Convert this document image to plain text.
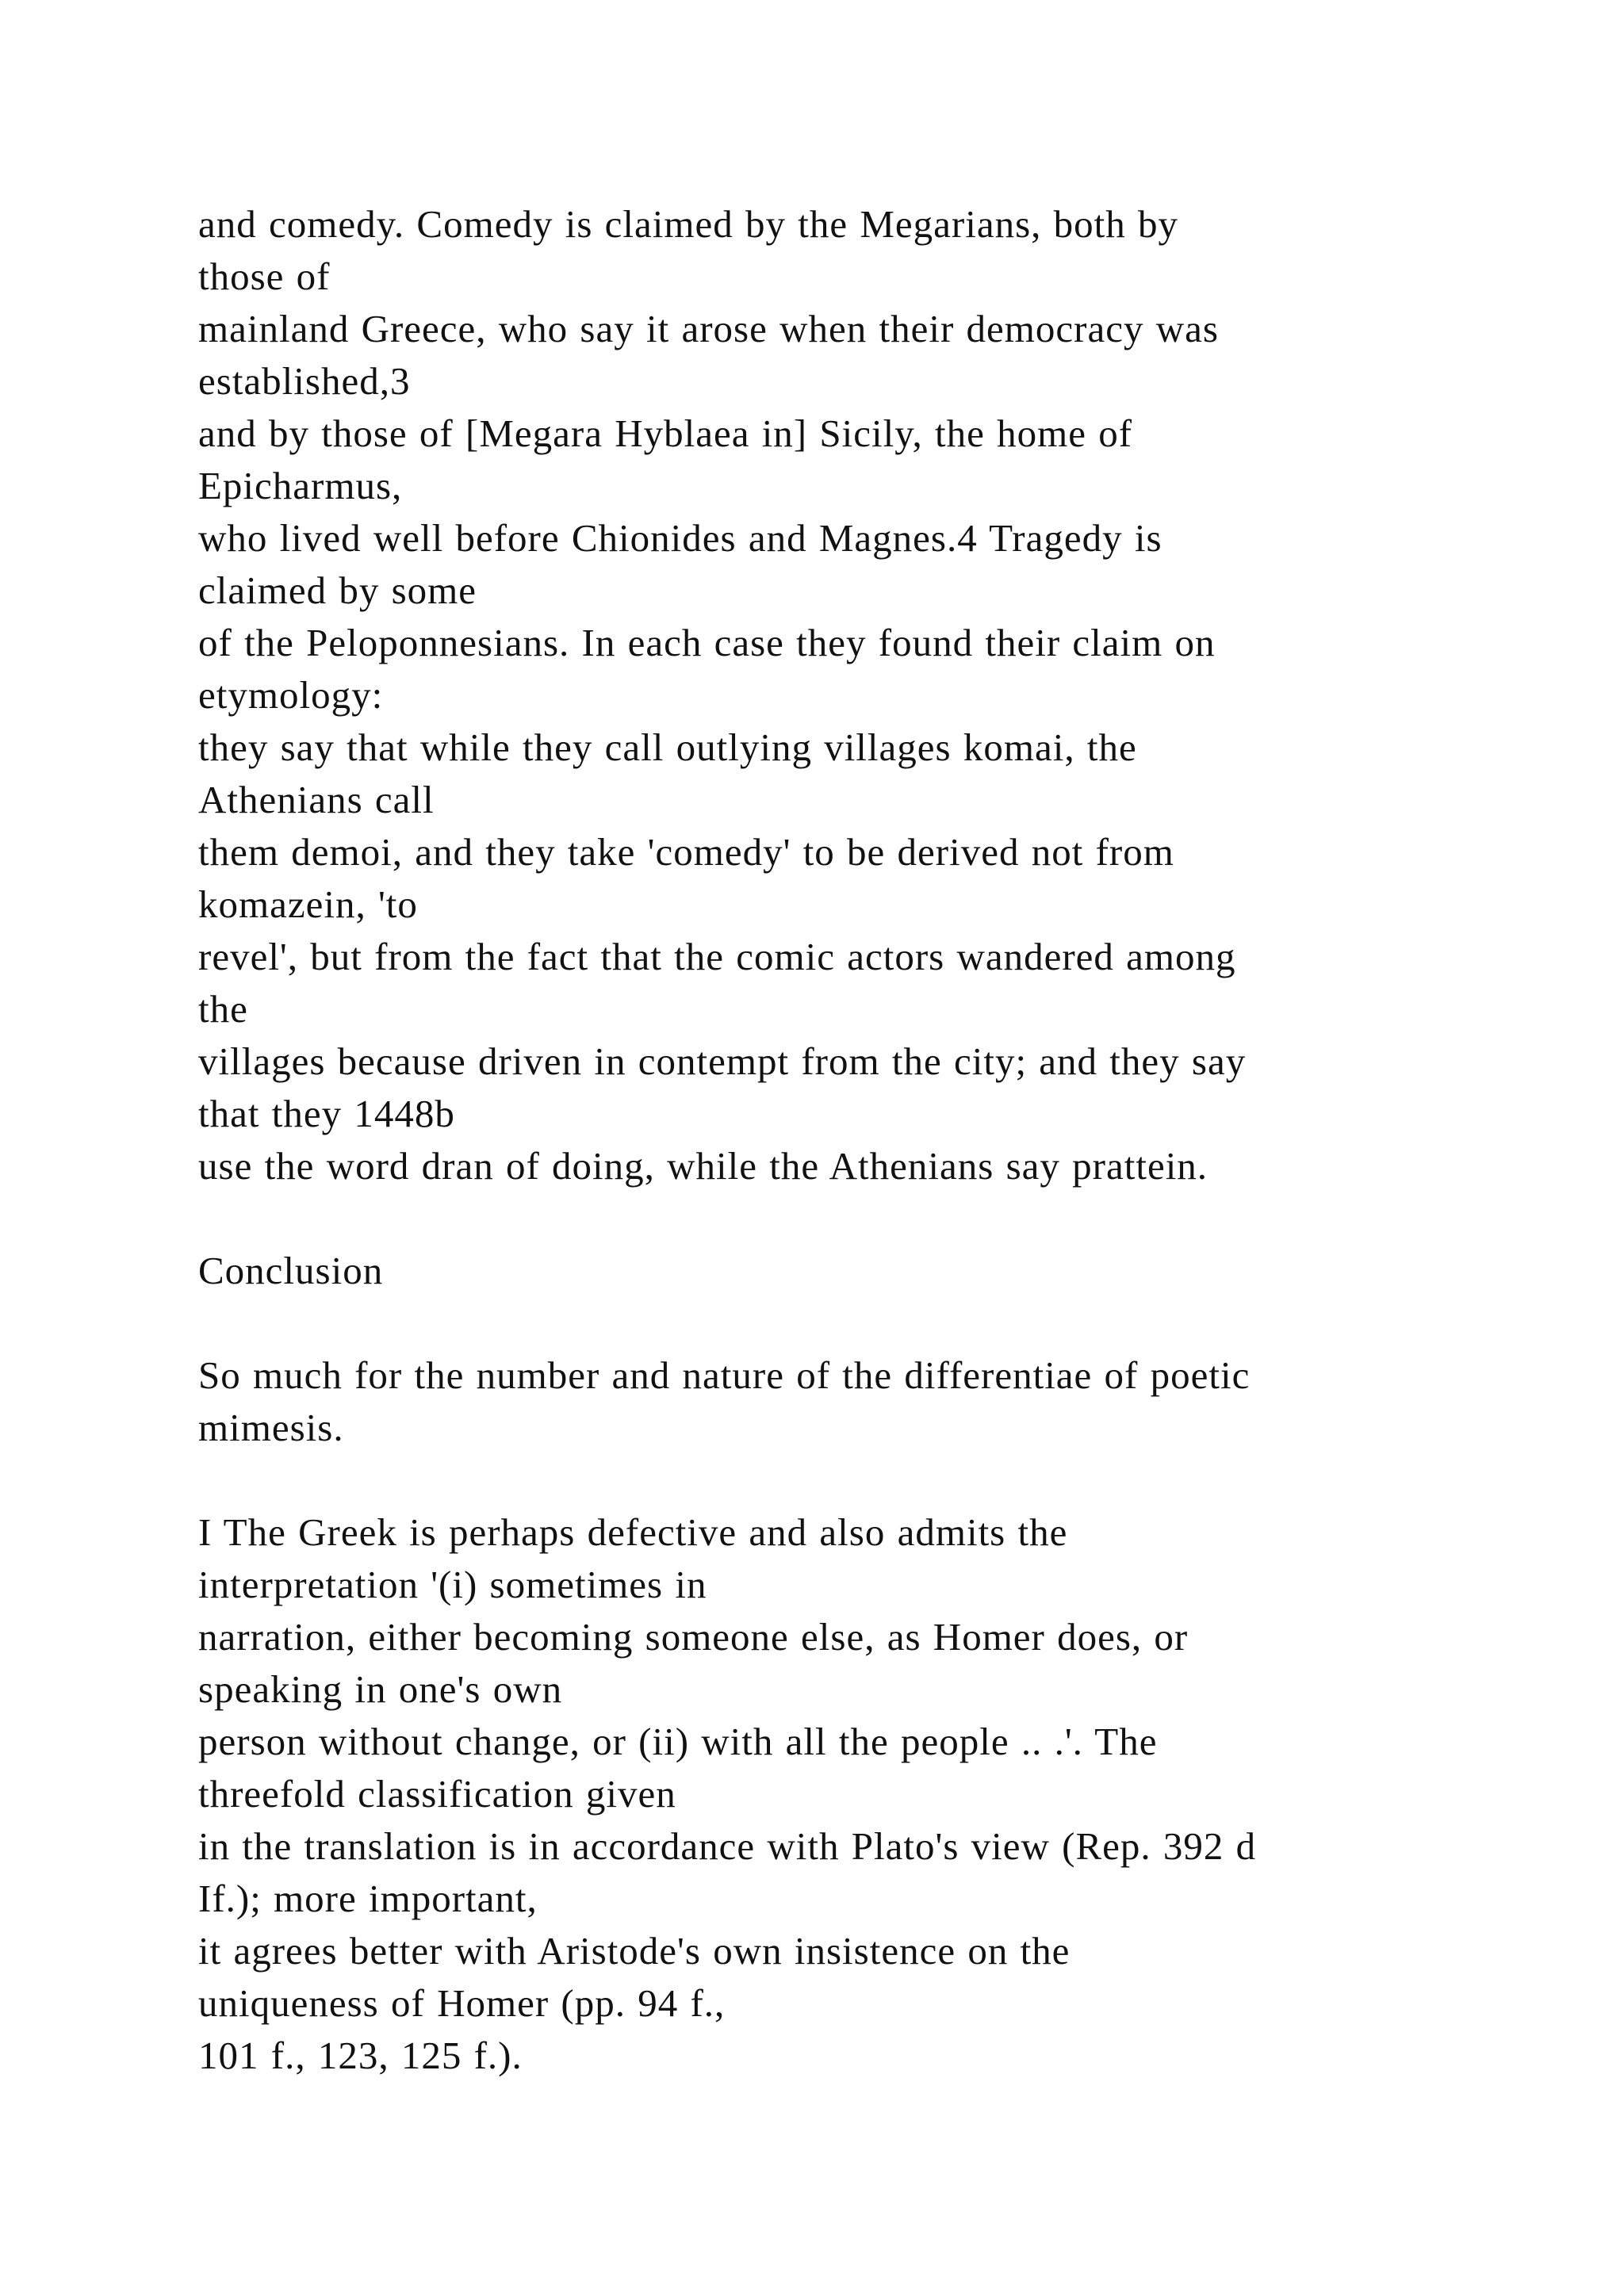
and comedy. Comedy is claimed by the Megarians, both by
those of
mainland Greece, who say it arose when their democracy was
established,3
and by those of [Megara Hyblaea in] Sicily, the home of
Epicharmus,
who lived well before Chionides and Magnes.4 Tragedy is
claimed by some
of the Peloponnesians. In each case they found their claim on
etymology:
they say that while they call outlying villages komai, the
Athenians call
them demoi, and they take 'comedy' to be derived not from
komazein, 'to
revel', but from the fact that the comic actors wandered among
the
villages because driven in contempt from the city; and they say
that they 1448b
use the word dran of doing, while the Athenians say prattein.
Conclusion
So much for the number and nature of the differentiae of poetic
mimesis.
I The Greek is perhaps defective and also admits the
interpretation '(i) sometimes in
narration, either becoming someone else, as Homer does, or
speaking in one's own
person without change, or (ii) with all the people .. .'. The
threefold classification given
in the translation is in accordance with Plato's view (Rep. 392 d
If.); more important,
it agrees better with Aristode's own insistence on the
uniqueness of Homer (pp. 94 f.,
101 f., 123, 125 f.).
